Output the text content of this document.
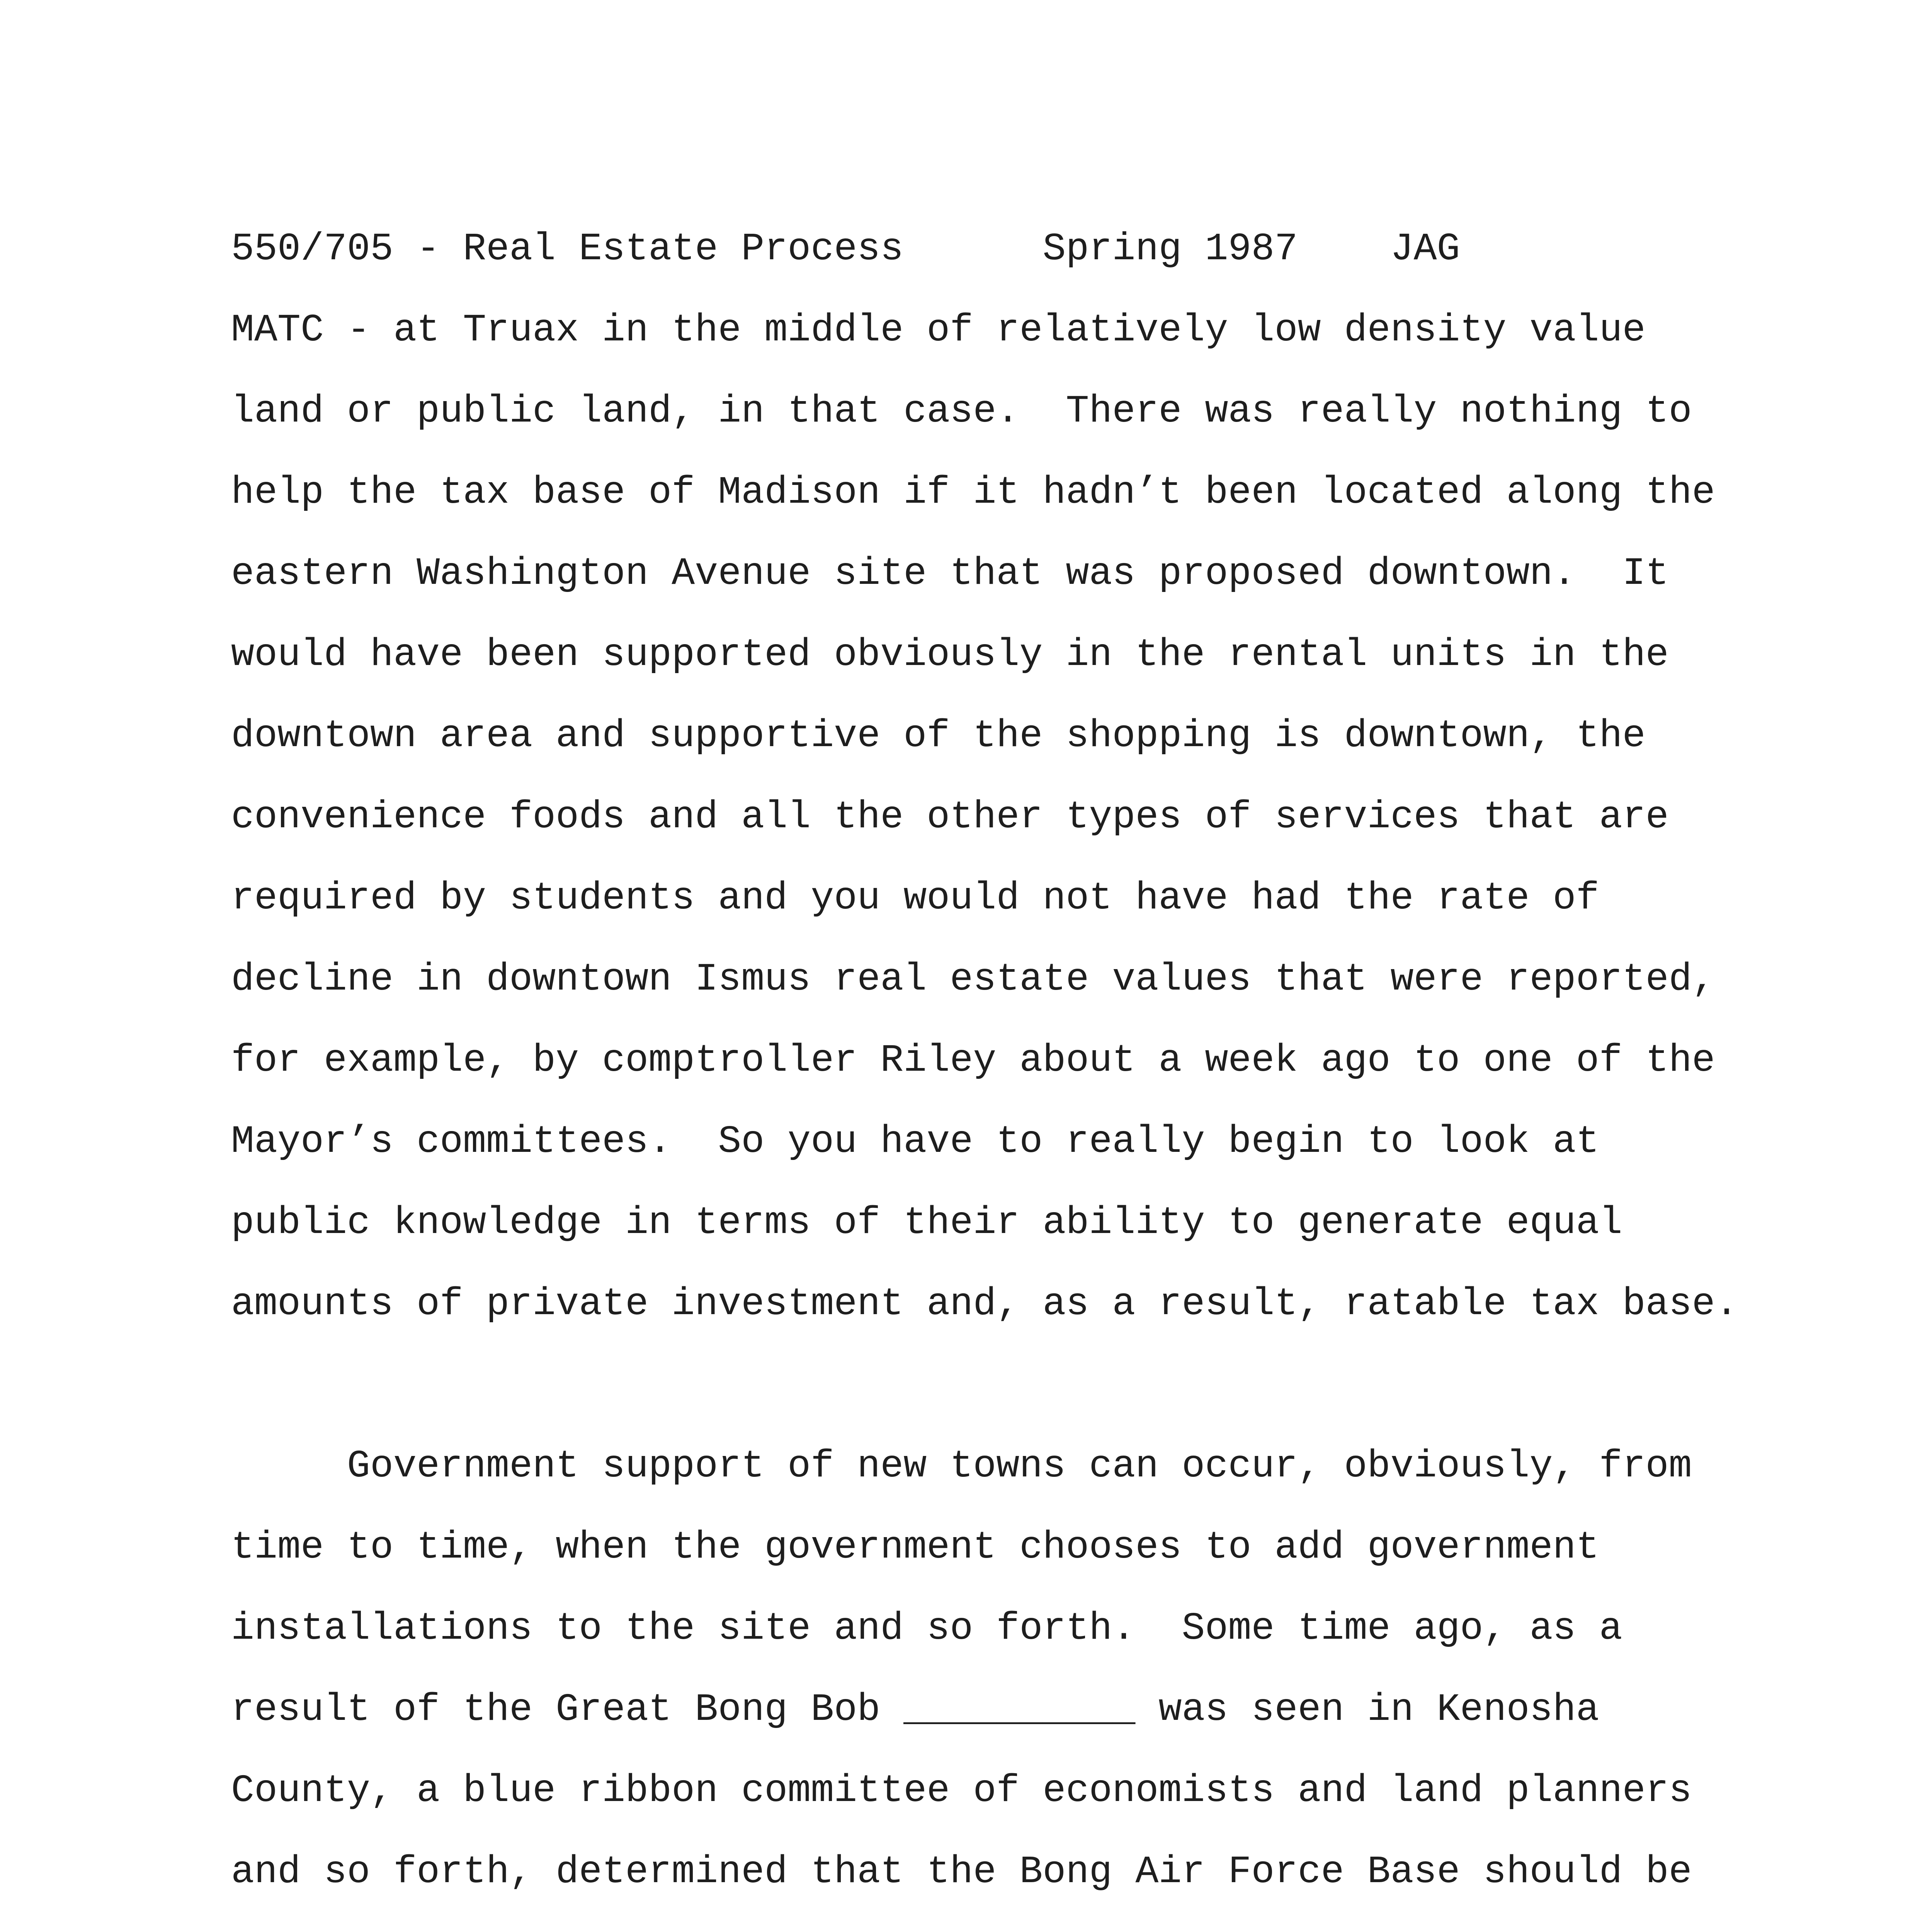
550/705 - Real Estate Process      Spring 1987    JAG

MATC - at Truax in the middle of relatively low density value

land or public land, in that case.  There was really nothing to

help the tax base of Madison if it hadn’t been located along the

eastern Washington Avenue site that was proposed downtown.  It

would have been supported obviously in the rental units in the

downtown area and supportive of the shopping is downtown, the

convenience foods and all the other types of services that are

required by students and you would not have had the rate of

decline in downtown Ismus real estate values that were reported,

for example, by comptroller Riley about a week ago to one of the

Mayor’s committees.  So you have to really begin to look at

public knowledge in terms of their ability to generate equal

amounts of private investment and, as a result, ratable tax base.

Government support of new towns can occur, obviously, from

time to time, when the government chooses to add government

installations to the site and so forth.  Some time ago, as a

result of the Great Bong Bob __________ was seen in Kenosha

County, a blue ribbon committee of economists and land planners

and so forth, determined that the Bong Air Force Base should be
